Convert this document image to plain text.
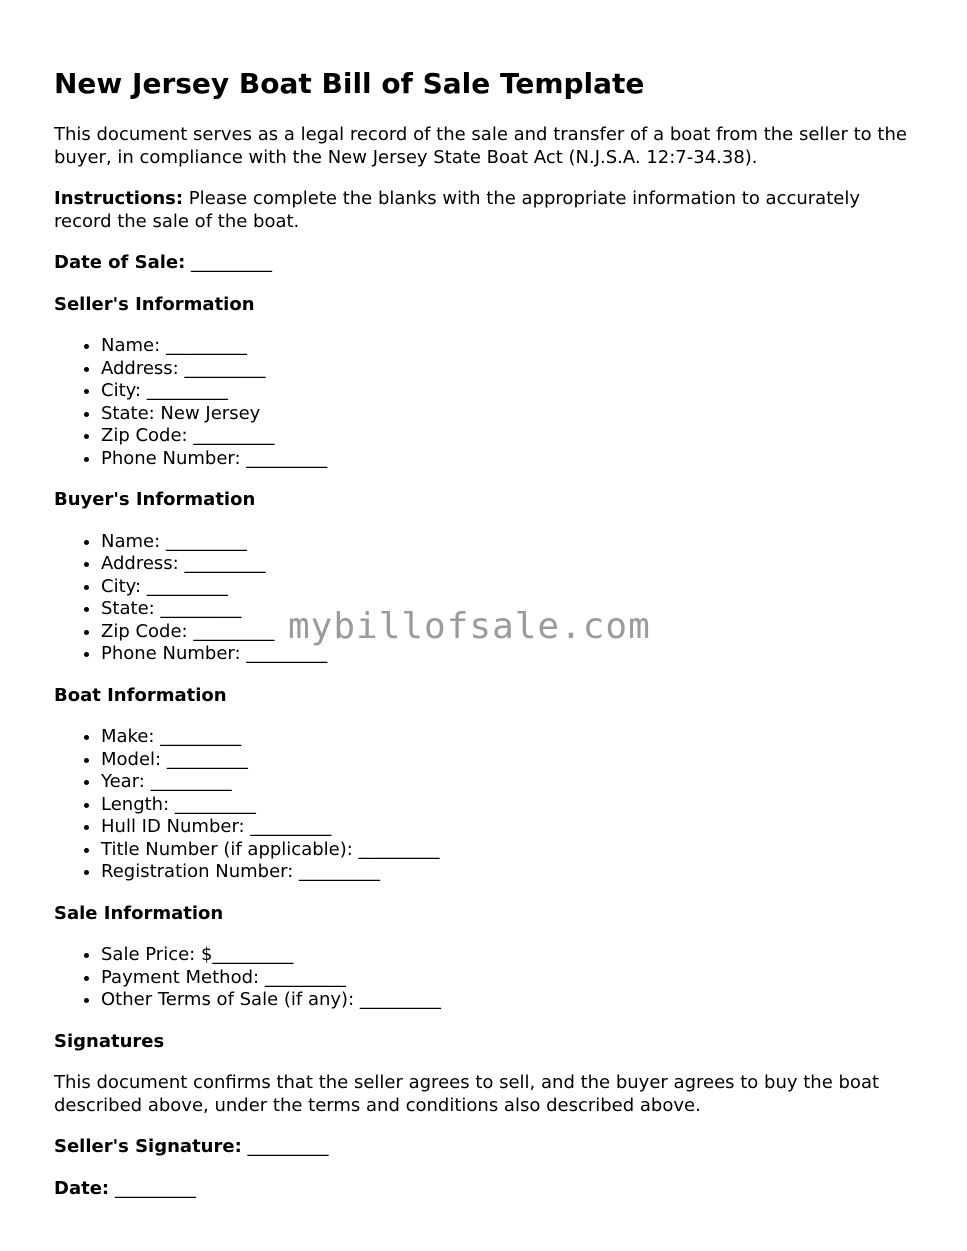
New Jersey Boat Bill of Sale Template

This document serves as a legal record of the sale and transfer of a boat from the seller to the buyer, in compliance with the New Jersey State Boat Act (N.J.S.A. 12:7-34.38).

Instructions: Please complete the blanks with the appropriate information to accurately record the sale of the boat.

Date of Sale: _________
Seller's Information
• Name: _________
• Address: _________
• City: _________
• State: New Jersey
• Zip Code: _________
• Phone Number: _________
Buyer's Information
• Name: _________
• Address: _________
• City: _________
• State: _________
• Zip Code: _________
• Phone Number: _________
Boat Information
• Make: _________
• Model: _________
• Year: _________
• Length: _________
• Hull ID Number: _________
• Title Number (if applicable): _________
• Registration Number: _________
Sale Information
• Sale Price: $_________
• Payment Method: _________
• Other Terms of Sale (if any): _________
Signatures

This document confirms that the seller agrees to sell, and the buyer agrees to buy the boat described above, under the terms and conditions also described above.

Seller's Signature: _________
Date: _________
mybillofsale.com
